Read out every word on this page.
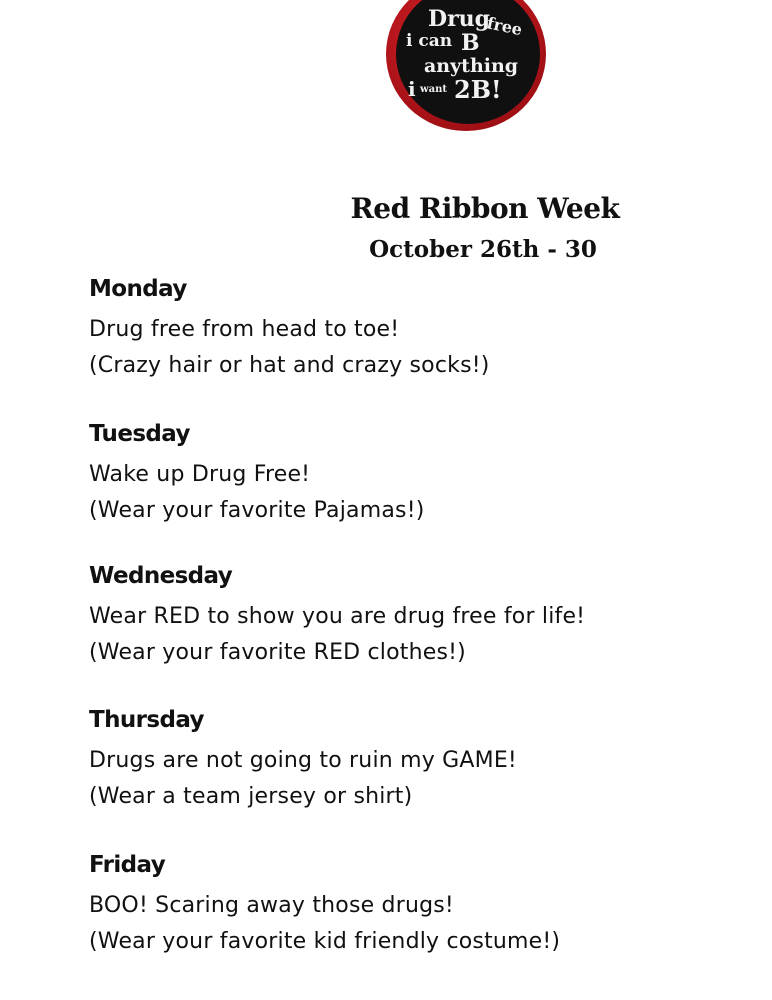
Drug
free
i can B
anything
i want 2B!
Red Ribbon Week
October 26th - 30

Monday

Drug free from head to toe!

(Crazy hair or hat and crazy socks!)

Tuesday

Wake up Drug Free!

(Wear your favorite Pajamas!)

Wednesday

Wear RED to show you are drug free for life!

(Wear your favorite RED clothes!)

Thursday

Drugs are not going to ruin my GAME!

(Wear a team jersey or shirt)

Friday

BOO! Scaring away those drugs!

(Wear your favorite kid friendly costume!)
